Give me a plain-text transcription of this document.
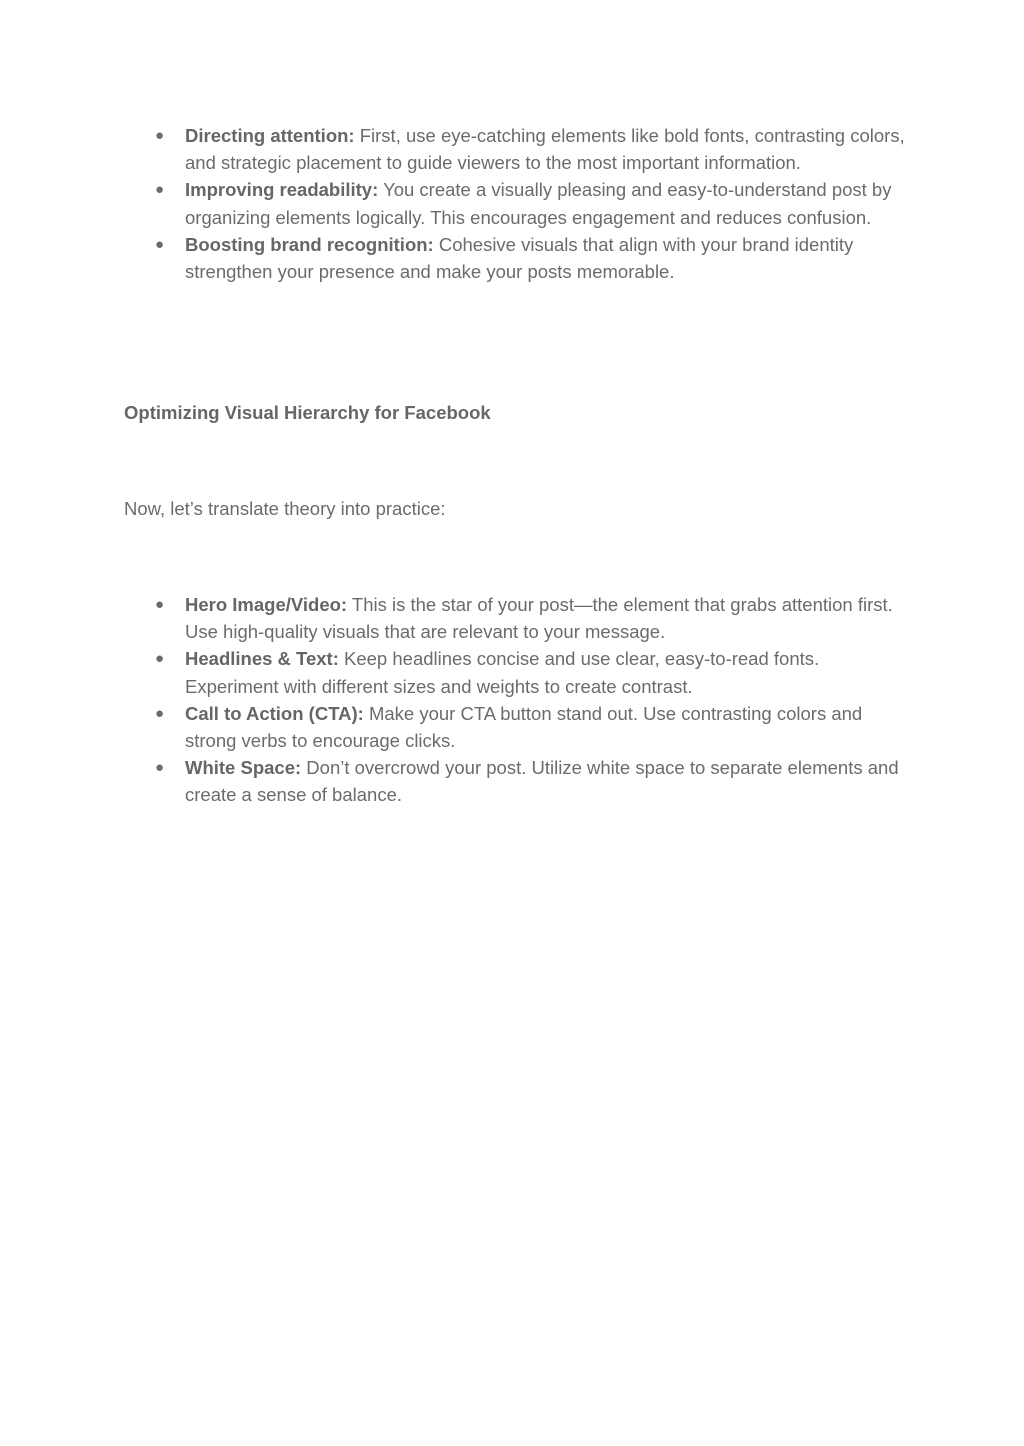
● Directing attention: First, use eye-catching elements like bold fonts, contrasting colors, and strategic placement to guide viewers to the most important information.
● Improving readability: You create a visually pleasing and easy-to-understand post by organizing elements logically. This encourages engagement and reduces confusion.
● Boosting brand recognition: Cohesive visuals that align with your brand identity strengthen your presence and make your posts memorable.
Optimizing Visual Hierarchy for Facebook

Now, let’s translate theory into practice:

● Hero Image/Video: This is the star of your post—the element that grabs attention first. Use high-quality visuals that are relevant to your message.
● Headlines & Text: Keep headlines concise and use clear, easy-to-read fonts. Experiment with different sizes and weights to create contrast.
● Call to Action (CTA): Make your CTA button stand out. Use contrasting colors and strong verbs to encourage clicks.
● White Space: Don’t overcrowd your post. Utilize white space to separate elements and create a sense of balance.
